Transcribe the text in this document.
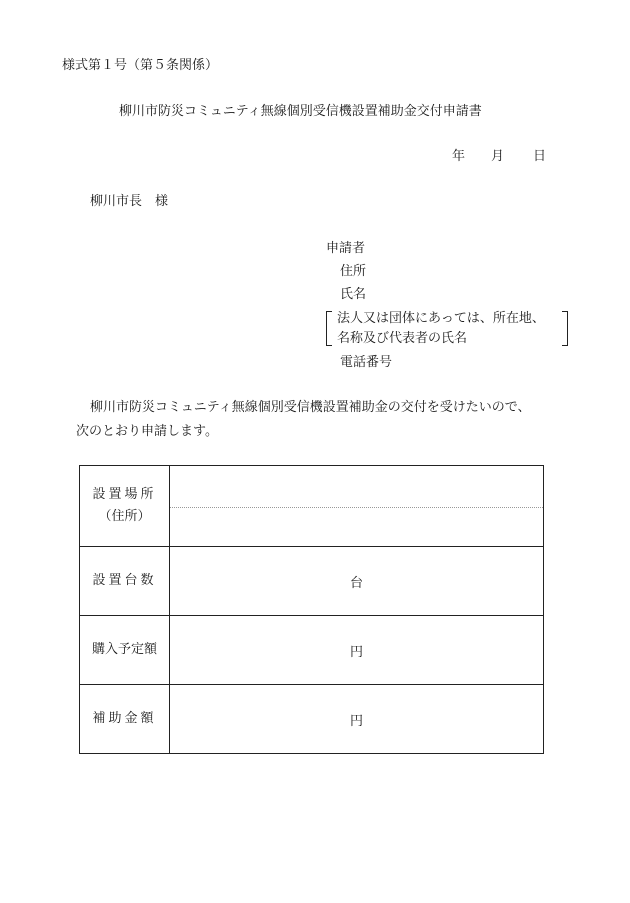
様式第１号（第５条関係）
柳川市防災コミュニティ無線個別受信機設置補助金交付申請書
年 月 日
柳川市長　様
申請者
住所
氏名
法人又は団体にあっては、所在地、
名称及び代表者の氏名
電話番号
柳川市防災コミュニティ無線個別受信機設置補助金の交付を受けたいので、
次のとおり申請します。
設置場所
（住所）	

設置台数	台
購入予定額	円
補助金額	円
